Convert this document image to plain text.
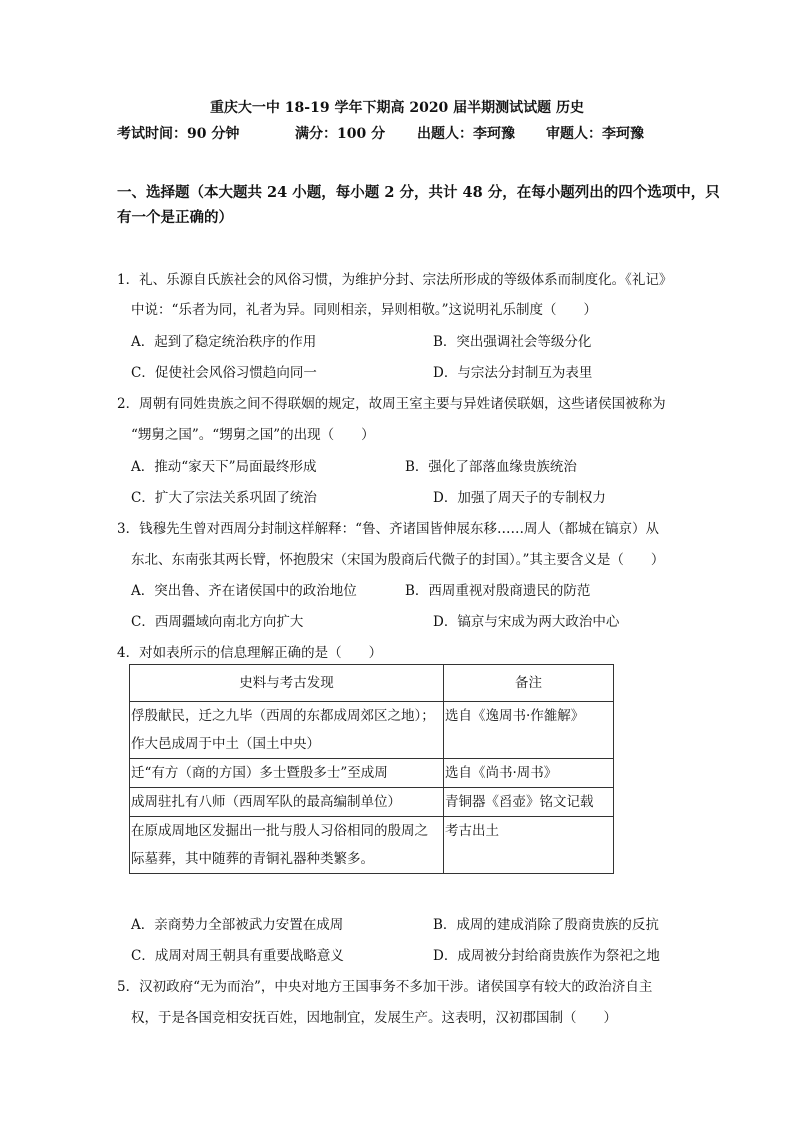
重庆大一中 18-19 学年下期高 2020 届半期测试试题 历史
考试时间：90 分钟	满分：100 分 出题人：李珂豫 审题人：李珂豫
一、选择题（本大题共 24 小题，每小题 2 分，共计 48 分，在每小题列出的四个选项中，只
有一个是正确的）
1．礼、乐源自氏族社会的风俗习惯，为维护分封、宗法所形成的等级体系而制度化。《礼记》
中说：“乐者为同，礼者为异。同则相亲，异则相敬。”这说明礼乐制度（　　）
A．起到了稳定统治秩序的作用	B．突出强调社会等级分化
C．促使社会风俗习惯趋向同一	D．与宗法分封制互为表里
2．周朝有同姓贵族之间不得联姻的规定，故周王室主要与异姓诸侯联姻，这些诸侯国被称为
“甥舅之国”。“甥舅之国”的出现（　　）
A．推动“家天下”局面最终形成	B．强化了部落血缘贵族统治
C．扩大了宗法关系巩固了统治	D．加强了周天子的专制权力
3．钱穆先生曾对西周分封制这样解释：“鲁、齐诸国皆伸展东移……周人（都城在镐京）从
东北、东南张其两长臂，怀抱殷宋（宋国为殷商后代微子的封国）。”其主要含义是（　　）
A．突出鲁、齐在诸侯国中的政治地位	B．西周重视对殷商遗民的防范
C．西周疆域向南北方向扩大	D．镐京与宋成为两大政治中心
4．对如表所示的信息理解正确的是（　　）
史料与考古发现	备注

俘殷献民，迁之九毕（西周的东都成周郊区之地）；
作大邑成周于中土（国土中央）	选自《逸周书·作雒解》

迁“有方（商的方国）多士暨殷多士”至成周	选自《尚书·周书》

成周驻扎有八师（西周军队的最高编制单位）	青铜器《舀壶》铭文记载

在原成周地区发掘出一批与殷人习俗相同的殷周之
际墓葬，其中随葬的青铜礼器种类繁多。	考古出土
A．亲商势力全部被武力安置在成周	B．成周的建成消除了殷商贵族的反抗
C．成周对周王朝具有重要战略意义	D．成周被分封给商贵族作为祭祀之地
5．汉初政府“无为而治”，中央对地方王国事务不多加干涉。诸侯国享有较大的政治济自主
权，于是各国竞相安抚百姓，因地制宜，发展生产。这表明，汉初郡国制（　　）
